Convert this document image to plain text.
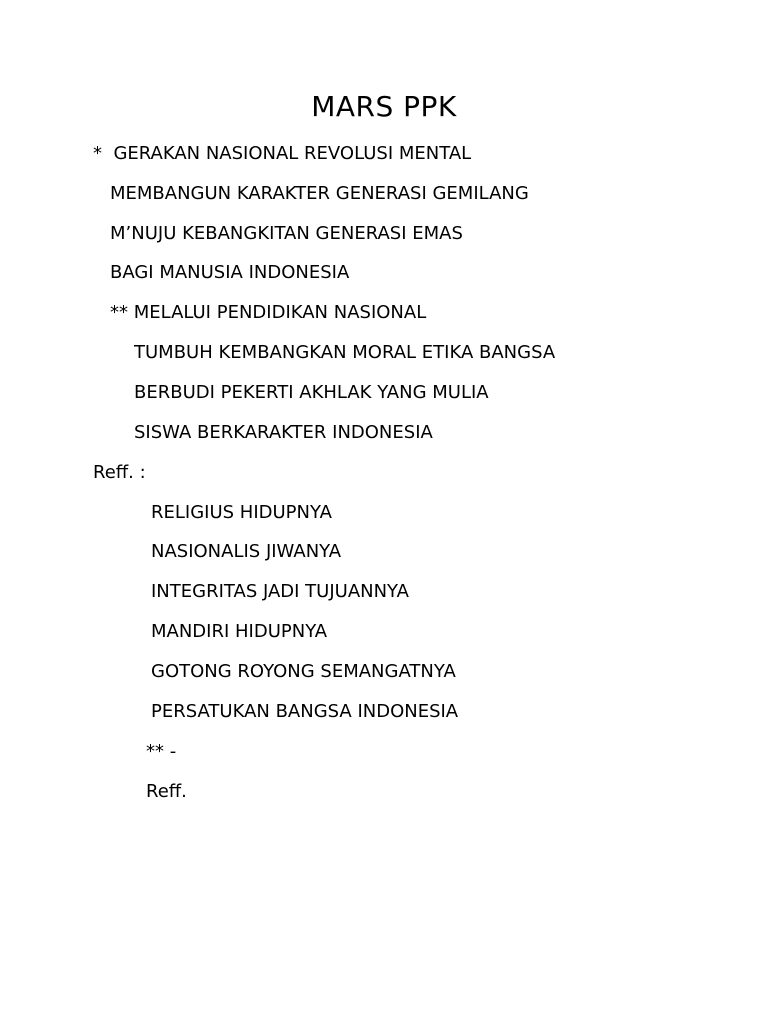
MARS PPK
*  GERAKAN NASIONAL REVOLUSI MENTAL
MEMBANGUN KARAKTER GENERASI GEMILANG
M’NUJU KEBANGKITAN GENERASI EMAS
BAGI MANUSIA INDONESIA
** MELALUI PENDIDIKAN NASIONAL
TUMBUH KEMBANGKAN MORAL ETIKA BANGSA
BERBUDI PEKERTI AKHLAK YANG MULIA
SISWA BERKARAKTER INDONESIA
Reff. :
RELIGIUS HIDUPNYA
NASIONALIS JIWANYA
INTEGRITAS JADI TUJUANNYA
MANDIRI HIDUPNYA
GOTONG ROYONG SEMANGATNYA
PERSATUKAN BANGSA INDONESIA
** -
Reff.
